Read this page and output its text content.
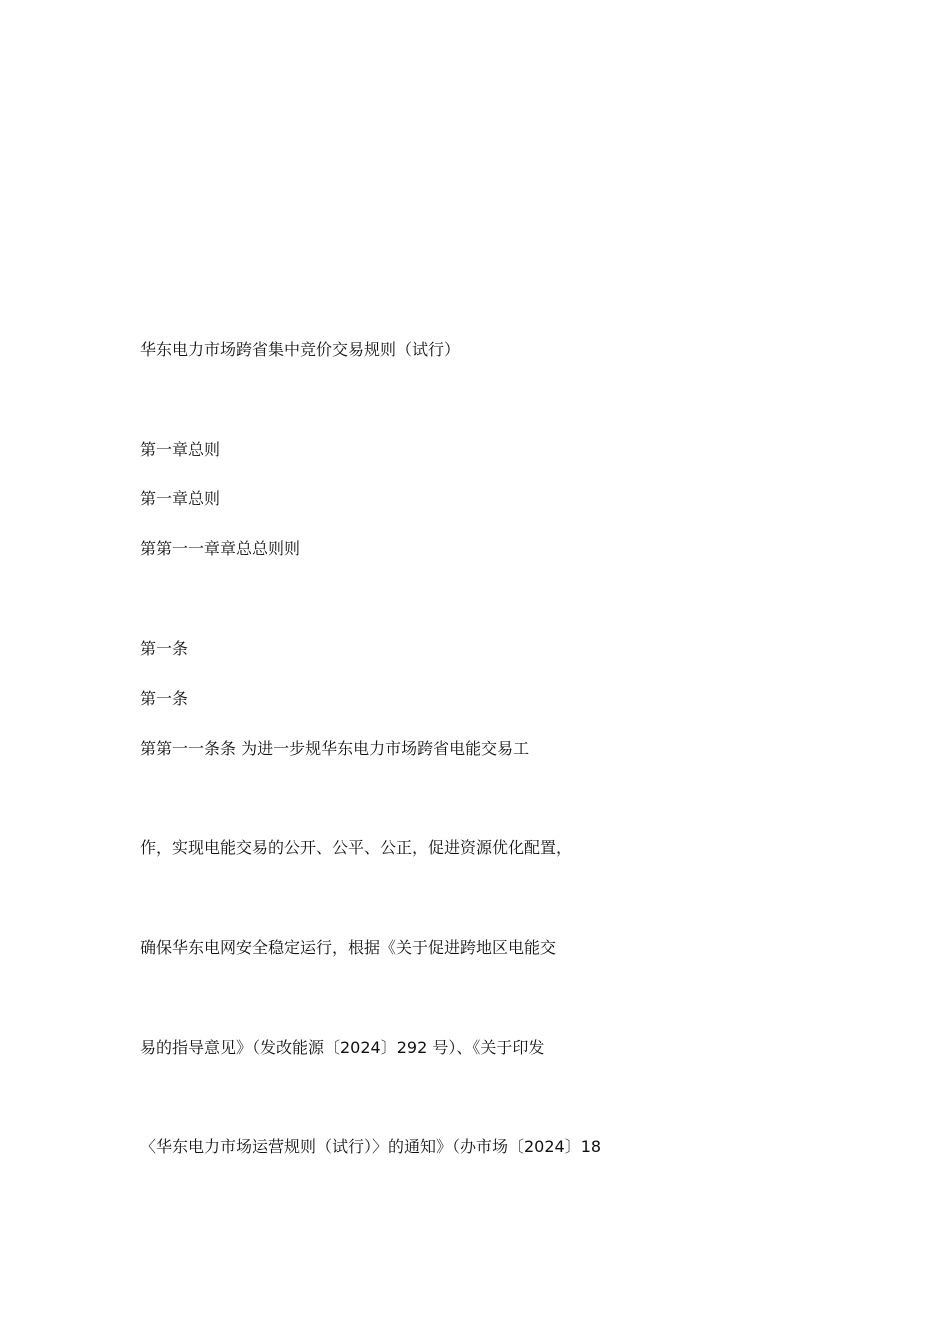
华东电力市场跨省集中竞价交易规则（试行）
第一章总则
第一章总则
第第一一章章总总则则
第一条
第一条
第第一一条条 为进一步规华东电力市场跨省电能交易工
作，实现电能交易的公开、公平、公正，促进资源优化配置，
确保华东电网安全稳定运行，根据《关于促进跨地区电能交
易的指导意见》（发改能源〔2024〕292 号）、《关于印发
〈华东电力市场运营规则（试行）〉的通知》（办市场〔2024〕18
